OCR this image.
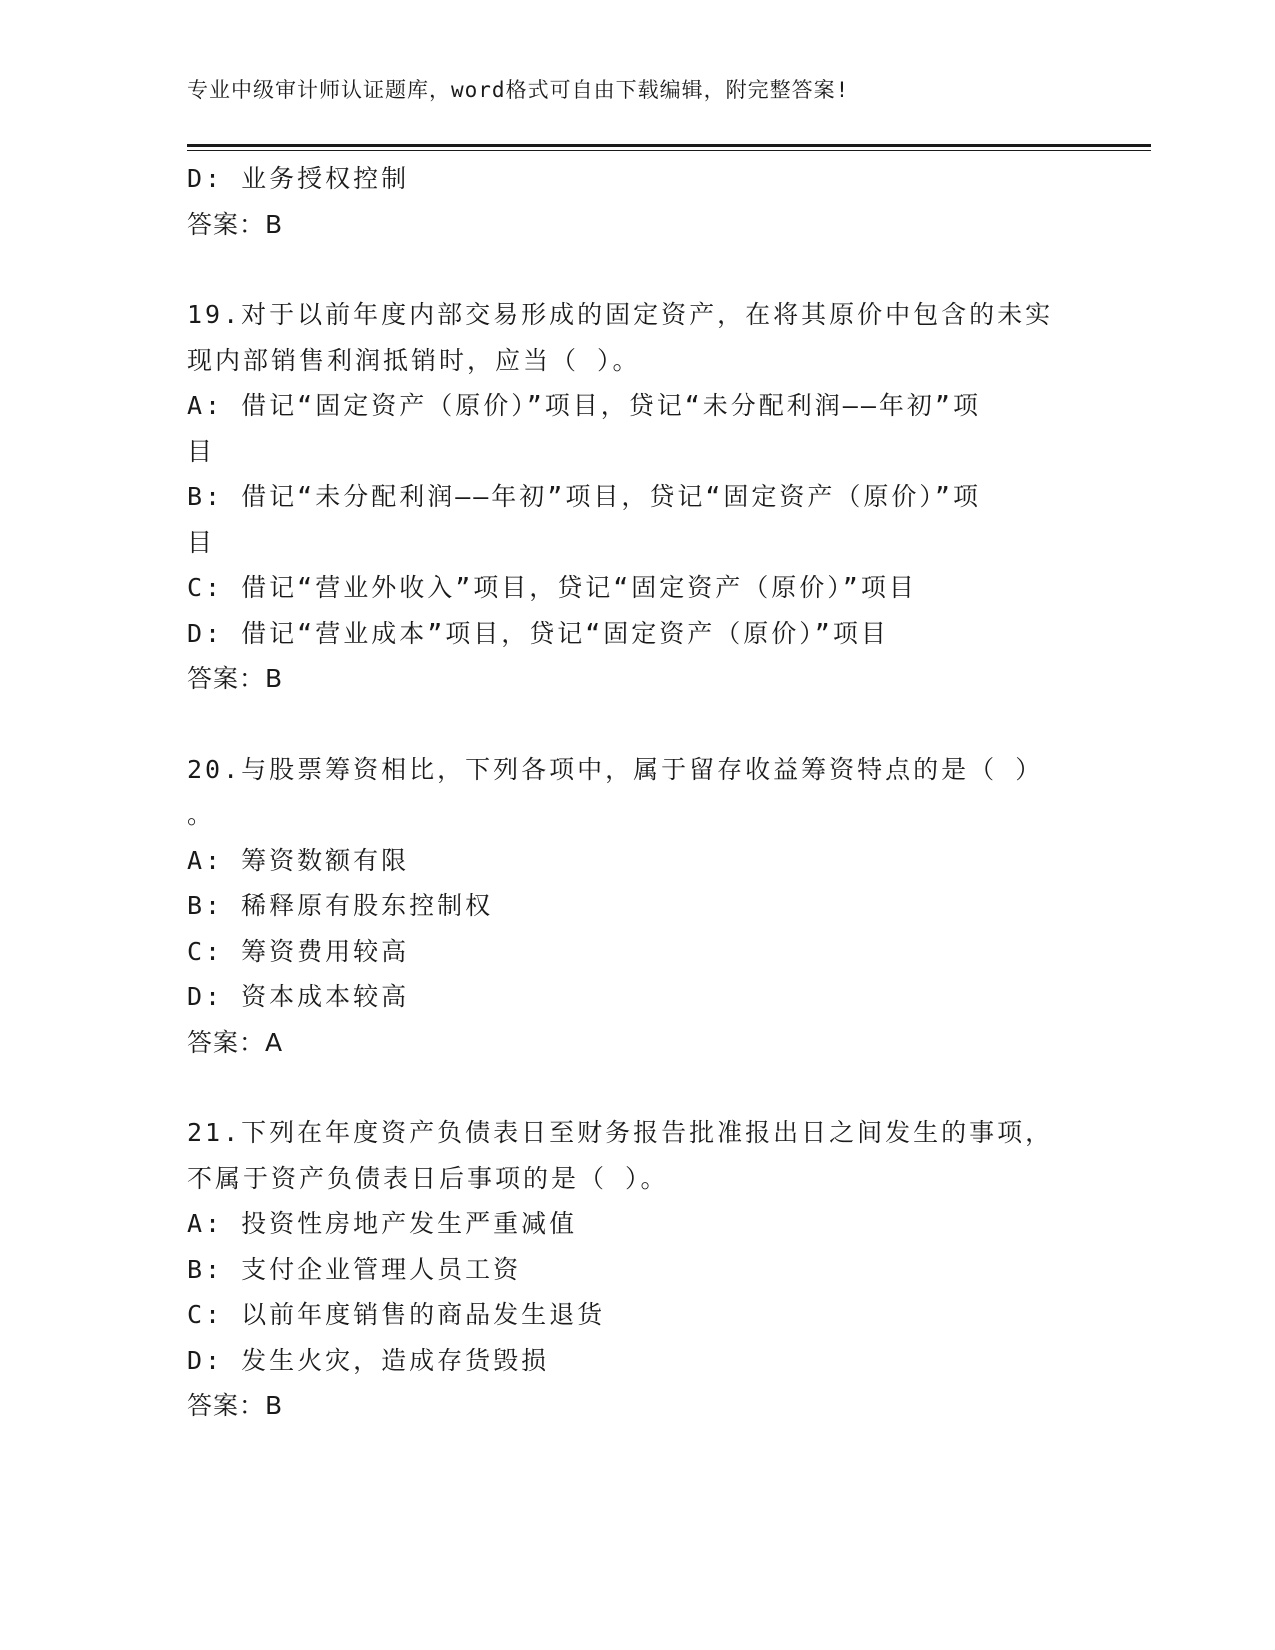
专业中级审计师认证题库，word格式可自由下载编辑，附完整答案!
D: 业务授权控制
答案：B
19.对于以前年度内部交易形成的固定资产，在将其原价中包含的未实
现内部销售利润抵销时，应当（ ）。
A: 借记“固定资产（原价）”项目，贷记“未分配利润——年初”项
目
B: 借记“未分配利润——年初”项目，贷记“固定资产（原价）”项
目
C: 借记“营业外收入”项目，贷记“固定资产（原价）”项目
D: 借记“营业成本”项目，贷记“固定资产（原价）”项目
答案：B
20.与股票筹资相比，下列各项中，属于留存收益筹资特点的是（ ）
。
A: 筹资数额有限
B: 稀释原有股东控制权
C: 筹资费用较高
D: 资本成本较高
答案：A
21.下列在年度资产负债表日至财务报告批准报出日之间发生的事项，
不属于资产负债表日后事项的是（ ）。
A: 投资性房地产发生严重减值
B: 支付企业管理人员工资
C: 以前年度销售的商品发生退货
D: 发生火灾，造成存货毁损
答案：B
